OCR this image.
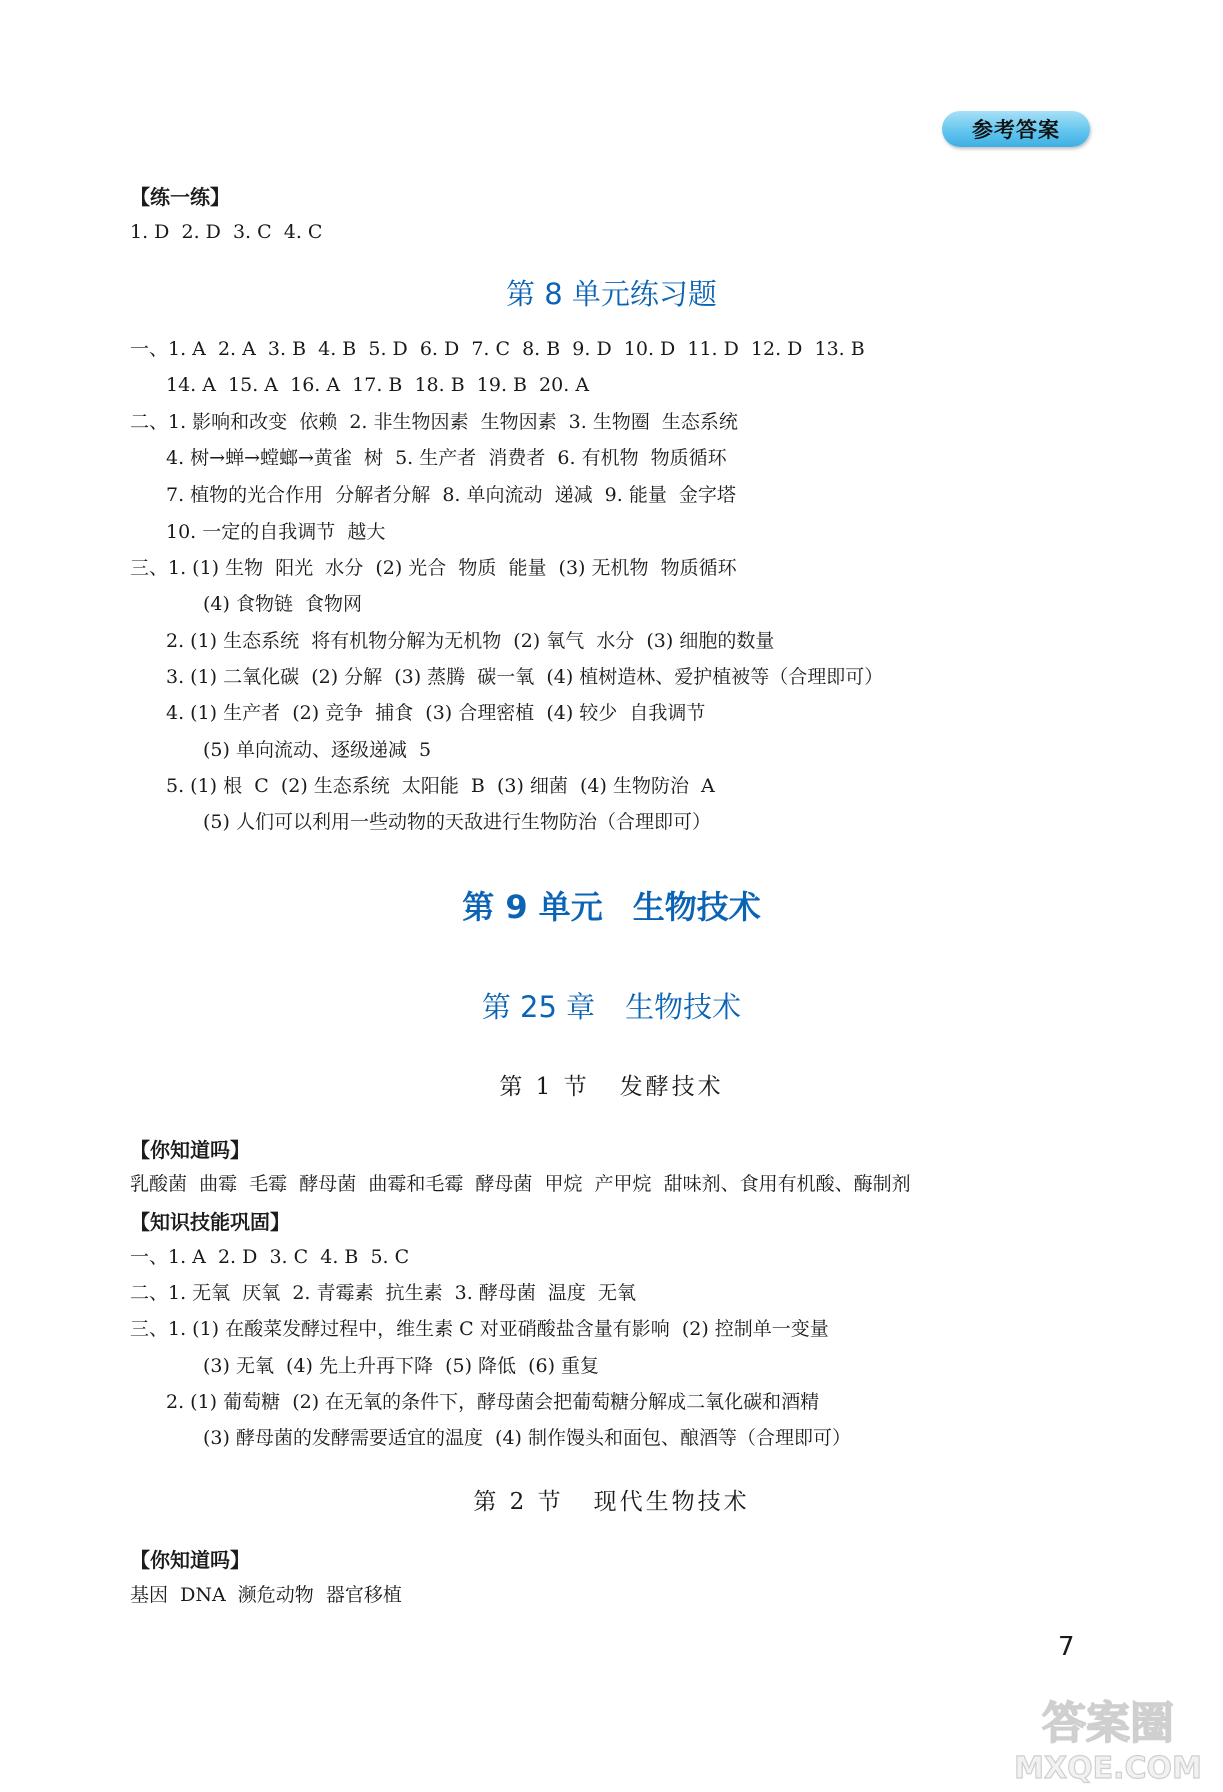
参考答案
【练一练】
1. D  2. D  3. C  4. C
第 8 单元练习题
一、1. A  2. A  3. B  4. B  5. D  6. D  7. C  8. B  9. D  10. D  11. D  12. D  13. B
14. A  15. A  16. A  17. B  18. B  19. B  20. A
二、1. 影响和改变  依赖  2. 非生物因素  生物因素  3. 生物圈  生态系统
4. 树→蝉→螳螂→黄雀  树  5. 生产者  消费者  6. 有机物  物质循环
7. 植物的光合作用  分解者分解  8. 单向流动  递减  9. 能量  金字塔
10. 一定的自我调节  越大
三、1. (1) 生物  阳光  水分  (2) 光合  物质  能量  (3) 无机物  物质循环
(4) 食物链  食物网
2. (1) 生态系统  将有机物分解为无机物  (2) 氧气  水分  (3) 细胞的数量
3. (1) 二氧化碳  (2) 分解  (3) 蒸腾  碳一氧  (4) 植树造林、爱护植被等（合理即可）
4. (1) 生产者  (2) 竞争  捕食  (3) 合理密植  (4) 较少  自我调节
(5) 单向流动、逐级递减  5
5. (1) 根  C  (2) 生态系统  太阳能  B  (3) 细菌  (4) 生物防治  A
(5) 人们可以利用一些动物的天敌进行生物防治（合理即可）
第 9 单元 生物技术
第 25 章 生物技术
第 1 节 发酵技术
【你知道吗】
乳酸菌  曲霉  毛霉  酵母菌  曲霉和毛霉  酵母菌  甲烷  产甲烷  甜味剂、食用有机酸、酶制剂
【知识技能巩固】
一、1. A  2. D  3. C  4. B  5. C
二、1. 无氧  厌氧  2. 青霉素  抗生素  3. 酵母菌  温度  无氧
三、1. (1) 在酸菜发酵过程中，维生素 C 对亚硝酸盐含量有影响  (2) 控制单一变量
(3) 无氧  (4) 先上升再下降  (5) 降低  (6) 重复
2. (1) 葡萄糖  (2) 在无氧的条件下，酵母菌会把葡萄糖分解成二氧化碳和酒精
(3) 酵母菌的发酵需要适宜的温度  (4) 制作馒头和面包、酿酒等（合理即可）
第 2 节 现代生物技术
【你知道吗】
基因  DNA  濒危动物  器官移植
7
答案圈
MXQE.COM
